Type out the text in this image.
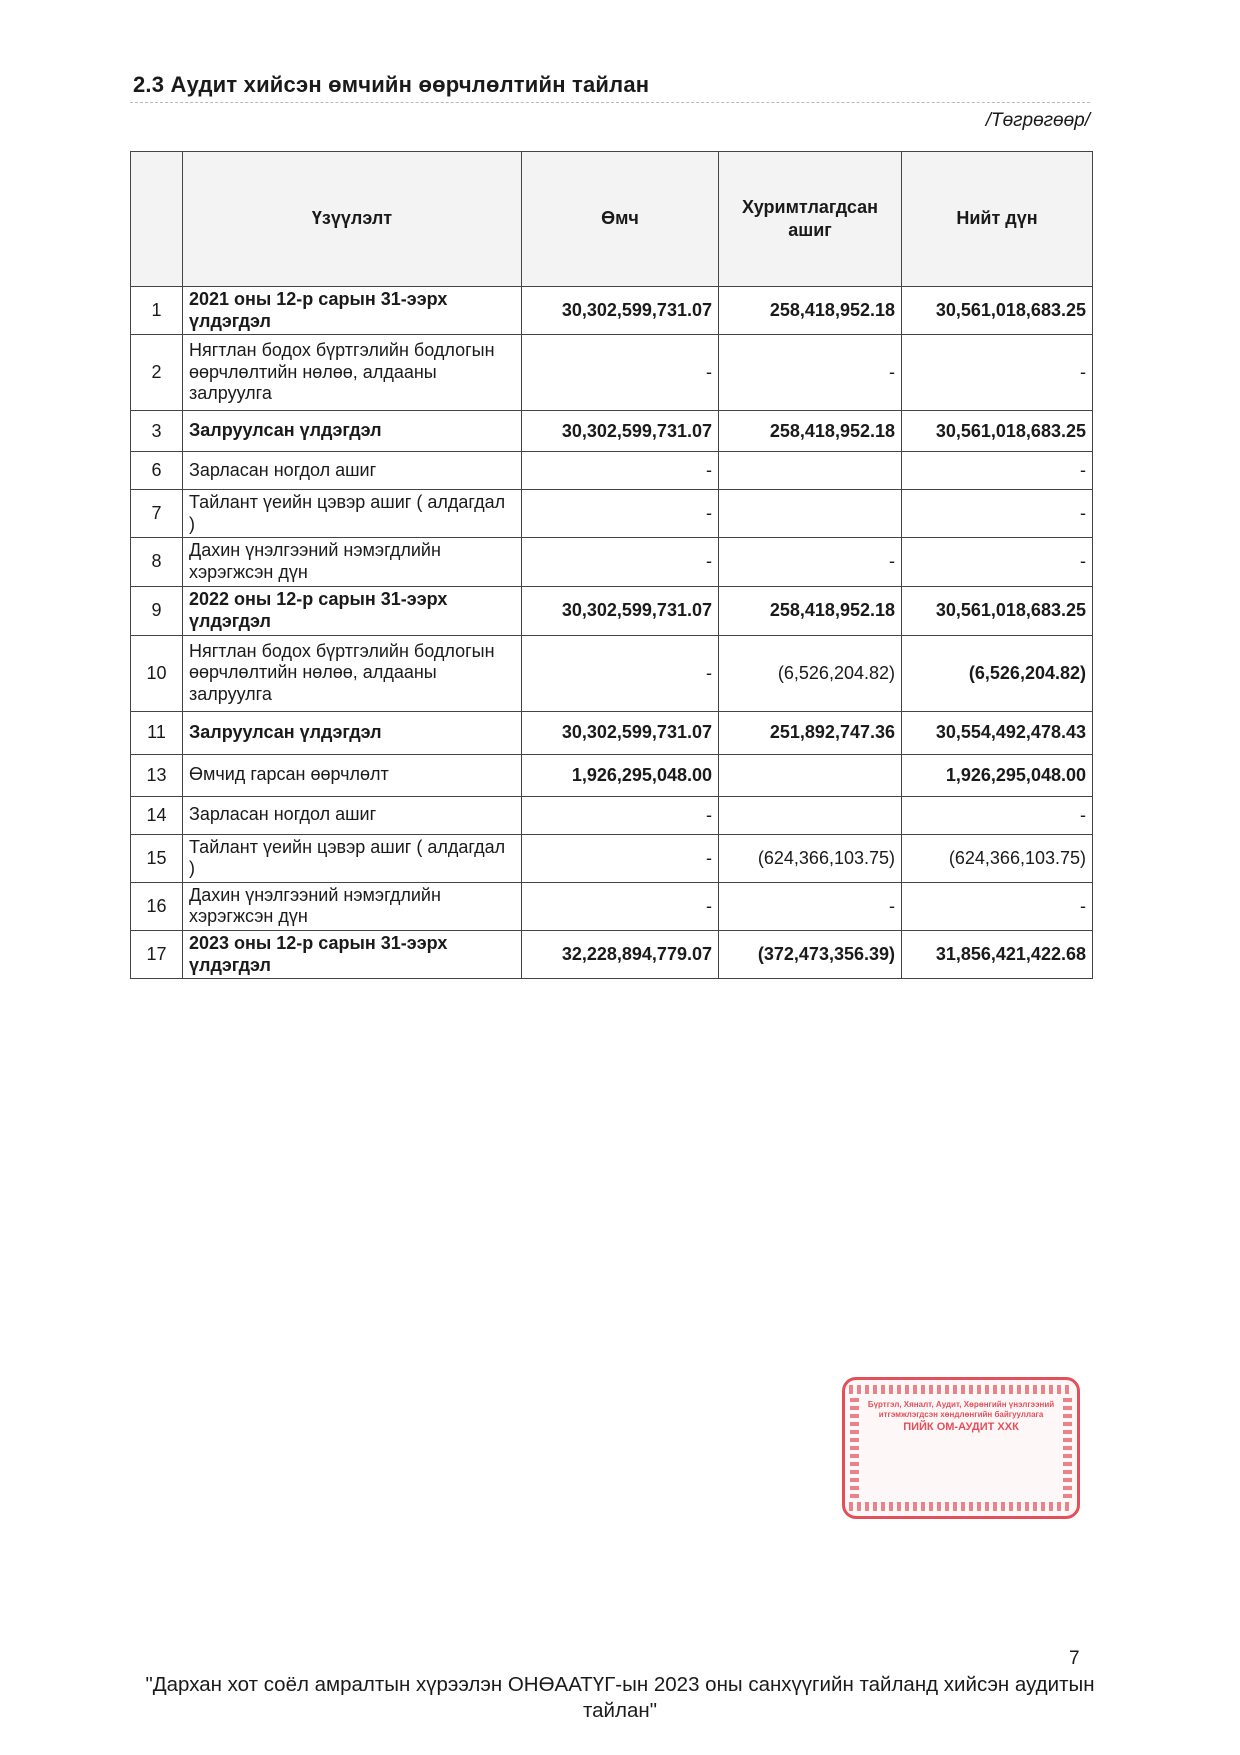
2.3 Аудит хийсэн өмчийн өөрчлөлтийн тайлан
/Төгрөгөөр/
	Үзүүлэлт	Өмч	Хуримтлагдсан ашиг	Нийт дүн
1	2021 оны 12-р сарын 31-ээрх үлдэгдэл	30,302,599,731.07	258,418,952.18	30,561,018,683.25
2	Нягтлан бодох бүртгэлийн бодлогын өөрчлөлтийн нөлөө, алдааны залруулга	-	-	-
3	Залруулсан үлдэгдэл	30,302,599,731.07	258,418,952.18	30,561,018,683.25
6	Зарласан ногдол ашиг	-		-
7	Тайлант үеийн цэвэр ашиг ( алдагдал )	-		-
8	Дахин үнэлгээний нэмэгдлийн хэрэгжсэн дүн	-	-	-
9	2022 оны 12-р сарын 31-ээрх үлдэгдэл	30,302,599,731.07	258,418,952.18	30,561,018,683.25
10	Нягтлан бодох бүртгэлийн бодлогын өөрчлөлтийн нөлөө, алдааны залруулга	-	(6,526,204.82)	(6,526,204.82)
11	Залруулсан үлдэгдэл	30,302,599,731.07	251,892,747.36	30,554,492,478.43
13	Өмчид гарсан өөрчлөлт	1,926,295,048.00		1,926,295,048.00
14	Зарласан ногдол ашиг	-		-
15	Тайлант үеийн цэвэр ашиг ( алдагдал )	-	(624,366,103.75)	(624,366,103.75)
16	Дахин үнэлгээний нэмэгдлийн хэрэгжсэн дүн	-	-	-
17	2023 оны 12-р сарын 31-ээрх үлдэгдэл	32,228,894,779.07	(372,473,356.39)	31,856,421,422.68
Бүртгэл, Хяналт, Аудит, Хөрөнгийн үнэлгээний итгэмжлэгдсэн хөндлөнгийн байгууллага
ПИЙК ОМ-АУДИТ ХХК
7
"Дархан хот соёл амралтын хүрээлэн ОНӨААТҮГ-ын 2023 оны санхүүгийн тайланд хийсэн аудитын тайлан"
